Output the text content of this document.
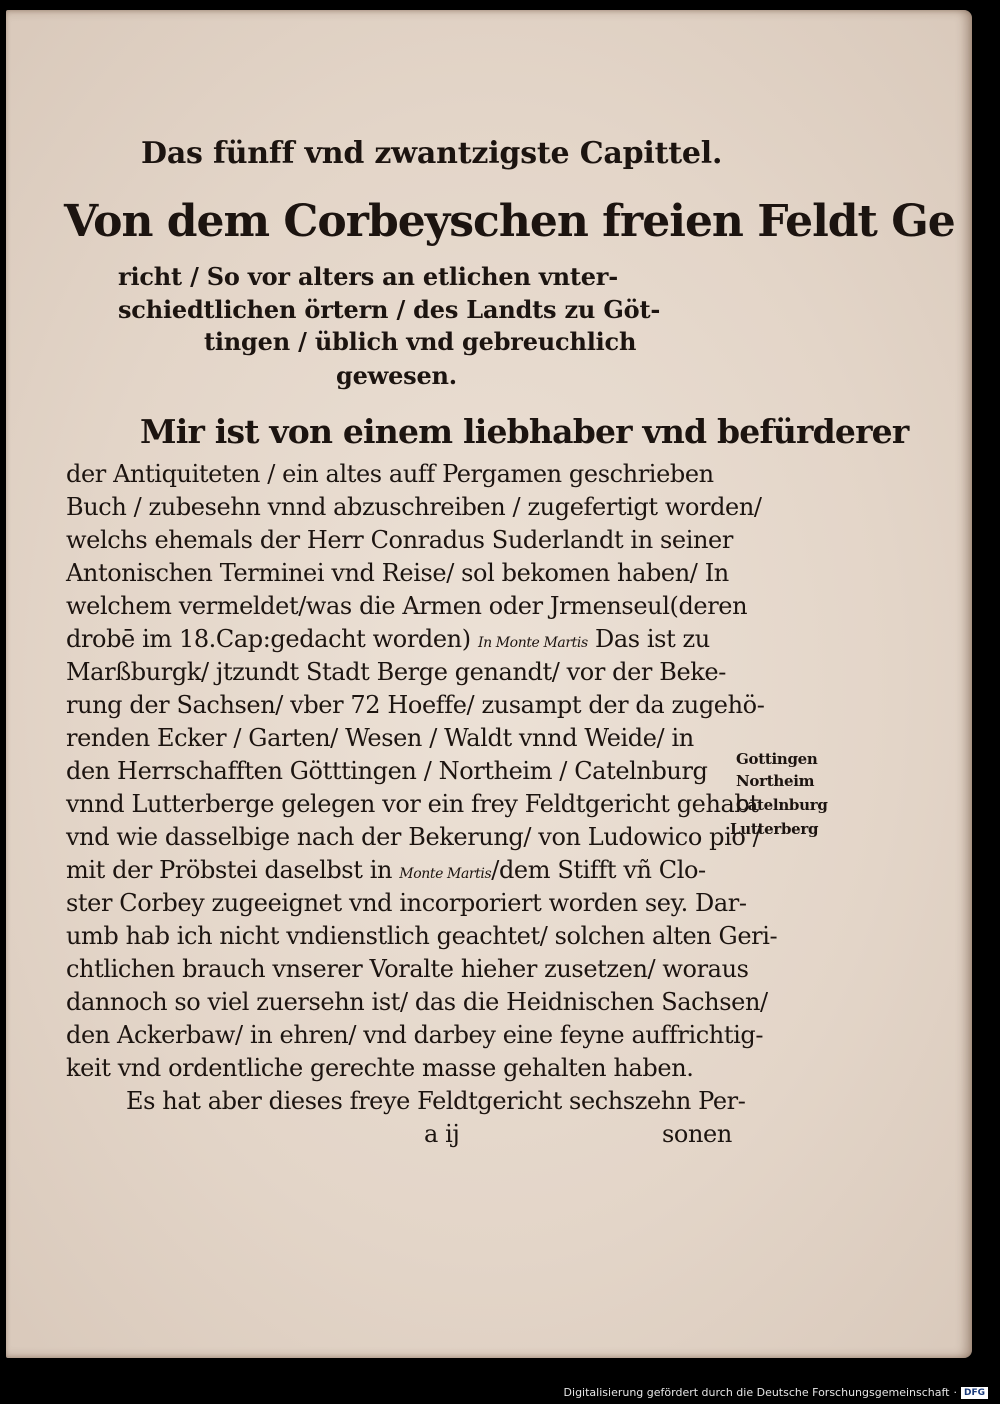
Das fünff vnd zwantzigste Capittel.
Von dem Corbeyschen freien Feldt Ge
richt / So vor alters an etlichen vnter-
schiedtlichen örtern / des Landts zu Göt-
tingen / üblich vnd gebreuchlich
gewesen.
Mir ist von einem liebhaber vnd befürderer
der Antiquiteten / ein altes auff Pergamen geschrieben
Buch / zubesehn vnnd abzuschreiben / zugefertigt worden/
welchs ehemals der Herr Conradus Suderlandt in seiner
Antonischen Terminei vnd Reise/ sol bekomen haben/ In
welchem vermeldet/was die Armen oder Jrmenseul(deren
drobē im 18.Cap:gedacht worden) In Monte Martis Das ist zu
Marßburgk/ jtzundt Stadt Berge genandt/ vor der Beke-
rung der Sachsen/ vber 72 Hoeffe/ zusampt der da zugehö-
renden Ecker / Garten/ Wesen / Waldt vnnd Weide/ in
den Herrschafften Götttingen / Northeim / Catelnburg
vnnd Lutterberge gelegen vor ein frey Feldtgericht gehabt
vnd wie dasselbige nach der Bekerung/ von Ludowico pio /
mit der Pröbstei daselbst in Monte Martis/dem Stifft vñ Clo-
ster Corbey zugeeignet vnd incorporiert worden sey. Dar-
umb hab ich nicht vndienstlich geachtet/ solchen alten Geri-
chtlichen brauch vnserer Voralte hieher zusetzen/ woraus
dannoch so viel zuersehn ist/ das die Heidnischen Sachsen/
den Ackerbaw/ in ehren/ vnd darbey eine feyne auffrichtig-
keit vnd ordentliche gerechte masse gehalten haben.
Es hat aber dieses freye Feldtgericht sechszehn Per-
a ij	sonen
Gottingen
Northeim
Catelnburg
Lutterberg
Digitalisierung gefördert durch die Deutsche Forschungsgemeinschaft · DFG
